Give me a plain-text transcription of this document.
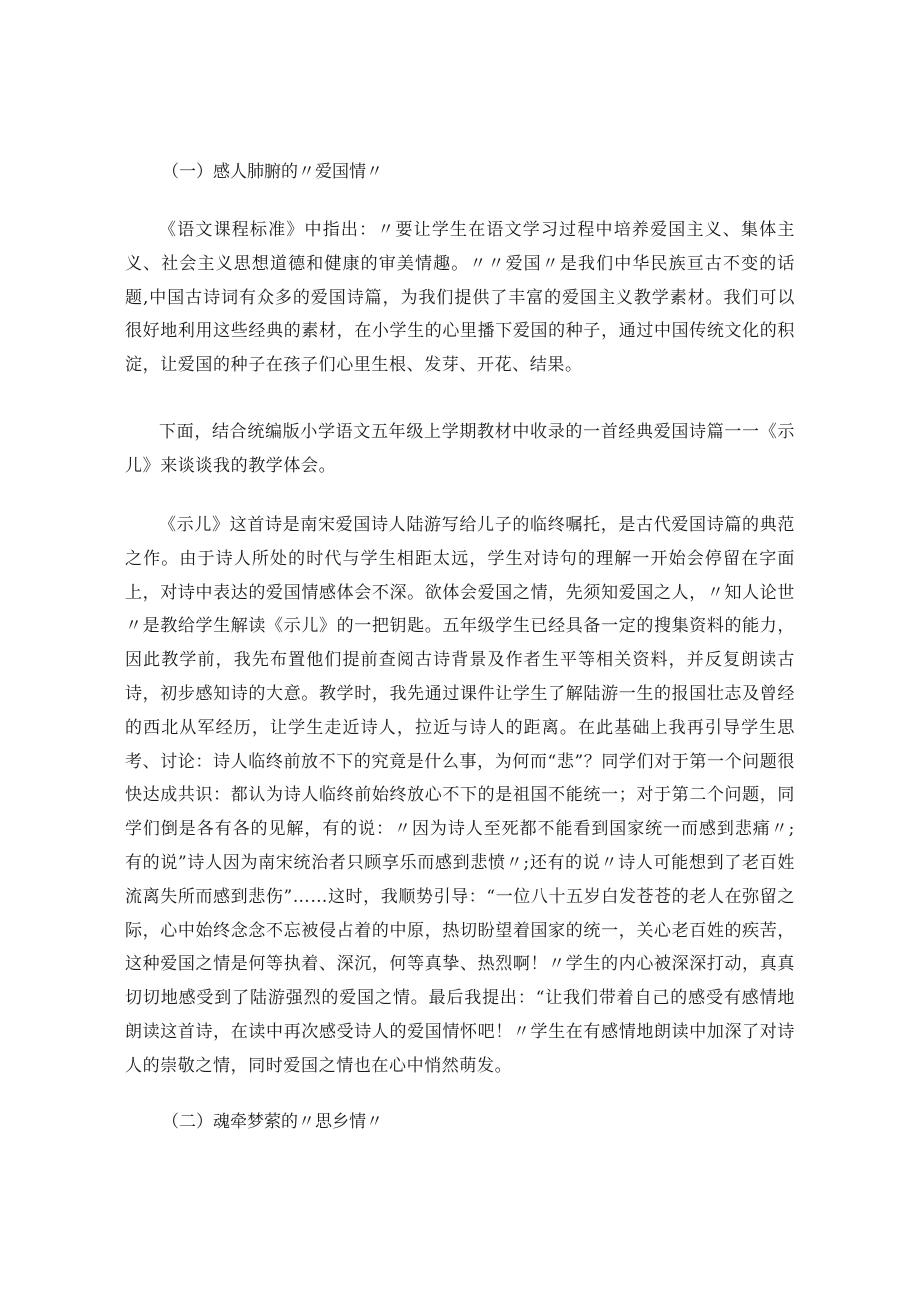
（一）感人肺腑的〃爱国情〃

《语文课程标准》中指出：〃要让学生在语文学习过程中培养爱国主义、集体主义、社会主义思想道德和健康的审美情趣。〃〃爱国〃是我们中华民族亘古不变的话题,中国古诗词有众多的爱国诗篇，为我们提供了丰富的爱国主义教学素材。我们可以很好地利用这些经典的素材，在小学生的心里播下爱国的种子，通过中国传统文化的积淀，让爱国的种子在孩子们心里生根、发芽、开花、结果。

下面，结合统编版小学语文五年级上学期教材中收录的一首经典爱国诗篇一一《示儿》来谈谈我的教学体会。

《示儿》这首诗是南宋爱国诗人陆游写给儿子的临终嘱托，是古代爱国诗篇的典范之作。由于诗人所处的时代与学生相距太远，学生对诗句的理解一开始会停留在字面上，对诗中表达的爱国情感体会不深。欲体会爱国之情，先须知爱国之人，〃知人论世〃是教给学生解读《示儿》的一把钥匙。五年级学生已经具备一定的搜集资料的能力，因此教学前，我先布置他们提前查阅古诗背景及作者生平等相关资料，并反复朗读古诗，初步感知诗的大意。教学时，我先通过课件让学生了解陆游一生的报国壮志及曾经的西北从军经历，让学生走近诗人，拉近与诗人的距离。在此基础上我再引导学生思考、讨论：诗人临终前放不下的究竟是什么事，为何而“悲”？同学们对于第一个问题很快达成共识：都认为诗人临终前始终放心不下的是祖国不能统一；对于第二个问题，同学们倒是各有各的见解，有的说：〃因为诗人至死都不能看到国家统一而感到悲痛〃;有的说”诗人因为南宋统治者只顾享乐而感到悲愤〃;还有的说〃诗人可能想到了老百姓流离失所而感到悲伤”……这时，我顺势引导：“一位八十五岁白发苍苍的老人在弥留之际，心中始终念念不忘被侵占着的中原，热切盼望着国家的统一，关心老百姓的疾苦，这种爱国之情是何等执着、深沉，何等真挚、热烈啊！〃学生的内心被深深打动，真真切切地感受到了陆游强烈的爱国之情。最后我提出：“让我们带着自己的感受有感情地朗读这首诗，在读中再次感受诗人的爱国情怀吧！〃学生在有感情地朗读中加深了对诗人的崇敬之情，同时爱国之情也在心中悄然萌发。

（二）魂牵梦萦的〃思乡情〃
